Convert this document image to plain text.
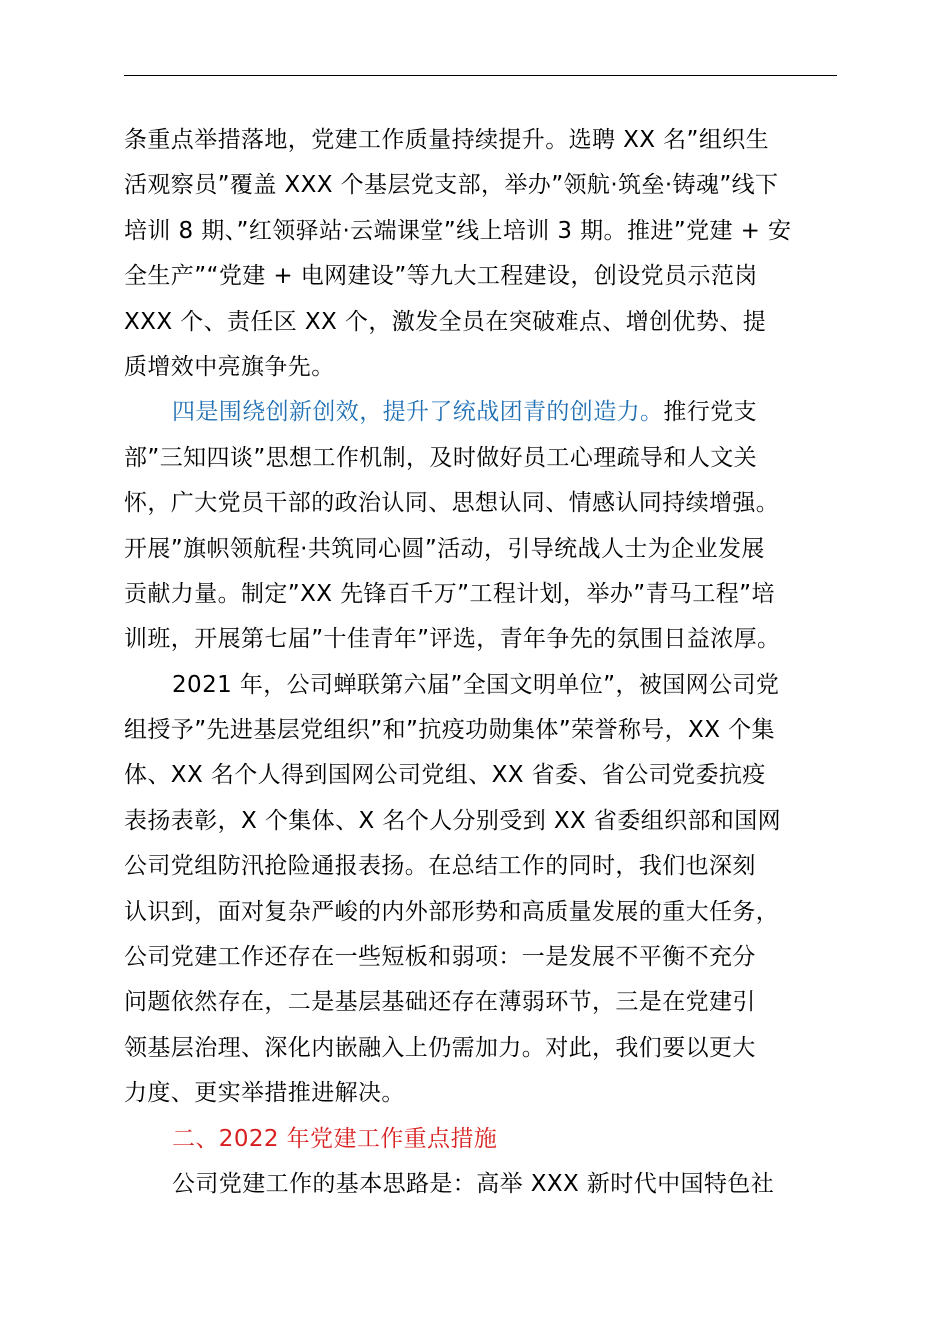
条重点举措落地，党建工作质量持续提升。选聘 XX 名”组织生
活观察员”覆盖 XXX 个基层党支部，举办”领航·筑垒·铸魂”线下
培训 8 期、”红领驿站·云端课堂”线上培训 3 期。推进”党建 + 安
全生产”“党建 + 电网建设”等九大工程建设，创设党员示范岗
XXX 个、责任区 XX 个，激发全员在突破难点、增创优势、提
质增效中亮旗争先。
四是围绕创新创效，提升了统战团青的创造力。推行党支
部”三知四谈”思想工作机制，及时做好员工心理疏导和人文关
怀，广大党员干部的政治认同、思想认同、情感认同持续增强。
开展”旗帜领航程·共筑同心圆”活动，引导统战人士为企业发展
贡献力量。制定”XX 先锋百千万”工程计划，举办”青马工程”培
训班，开展第七届”十佳青年”评选，青年争先的氛围日益浓厚。
2021 年，公司蝉联第六届”全国文明单位”，被国网公司党
组授予”先进基层党组织”和”抗疫功勋集体”荣誉称号，XX 个集
体、XX 名个人得到国网公司党组、XX 省委、省公司党委抗疫
表扬表彰，X 个集体、X 名个人分别受到 XX 省委组织部和国网
公司党组防汛抢险通报表扬。在总结工作的同时，我们也深刻
认识到，面对复杂严峻的内外部形势和高质量发展的重大任务，
公司党建工作还存在一些短板和弱项：一是发展不平衡不充分
问题依然存在，二是基层基础还存在薄弱环节，三是在党建引
领基层治理、深化内嵌融入上仍需加力。对此，我们要以更大
力度、更实举措推进解决。
二、2022 年党建工作重点措施
公司党建工作的基本思路是：高举 XXX 新时代中国特色社
